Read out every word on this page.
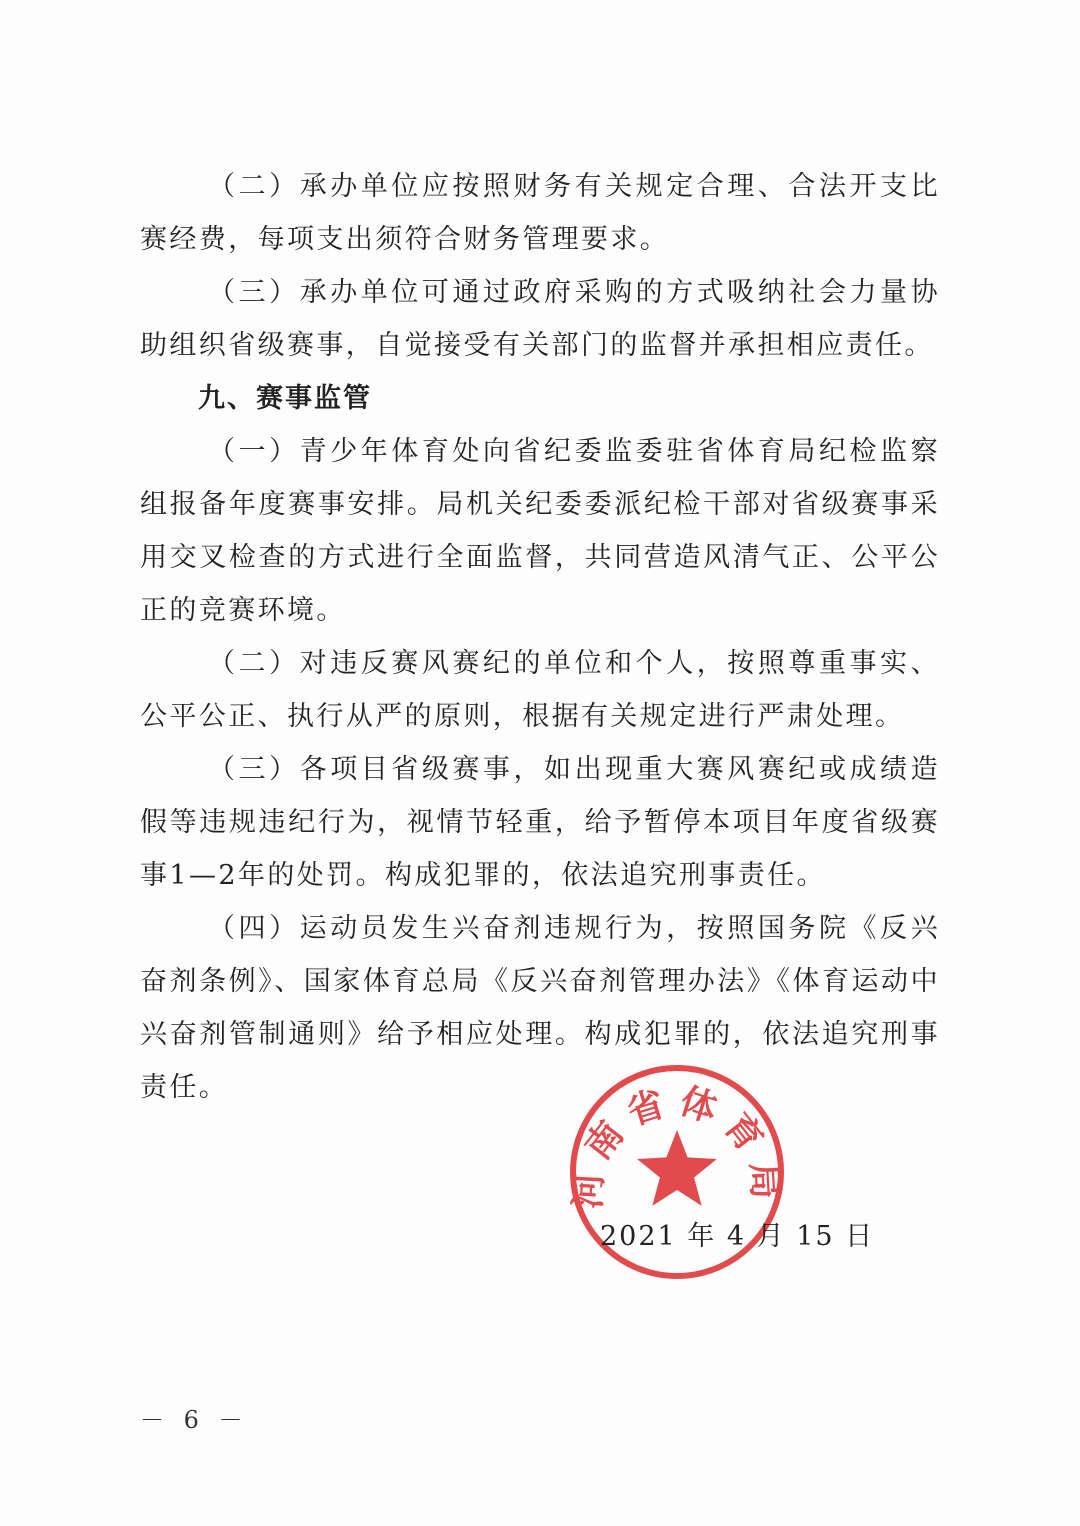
（二）承办单位应按照财务有关规定合理、合法开支比赛经费，每项支出须符合财务管理要求。

（三）承办单位可通过政府采购的方式吸纳社会力量协助组织省级赛事，自觉接受有关部门的监督并承担相应责任。

九、赛事监管

（一）青少年体育处向省纪委监委驻省体育局纪检监察组报备年度赛事安排。局机关纪委委派纪检干部对省级赛事采用交叉检查的方式进行全面监督，共同营造风清气正、公平公正的竞赛环境。

（二）对违反赛风赛纪的单位和个人，按照尊重事实、公平公正、执行从严的原则，根据有关规定进行严肃处理。

（三）各项目省级赛事，如出现重大赛风赛纪或成绩造假等违规违纪行为，视情节轻重，给予暂停本项目年度省级赛事1—2年的处罚。构成犯罪的，依法追究刑事责任。

（四）运动员发生兴奋剂违规行为，按照国务院《反兴奋剂条例》、国家体育总局《反兴奋剂管理办法》《体育运动中兴奋剂管制通则》给予相应处理。构成犯罪的，依法追究刑事责任。

河南省体育局
2021 年 4 月 15 日
－ 6 －
